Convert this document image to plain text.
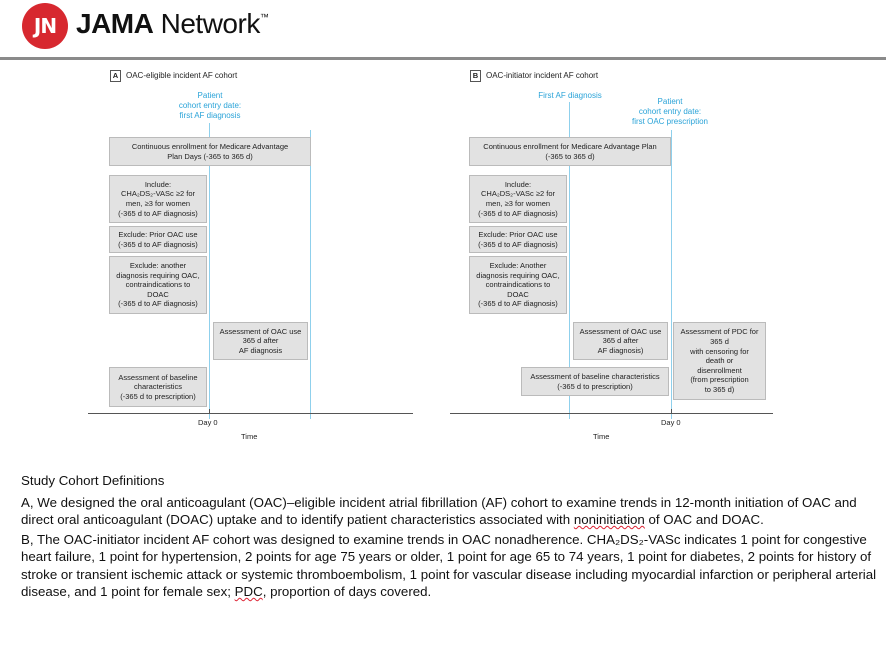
JN JAMA Network™
A OAC-eligible incident AF cohort
Patient
cohort entry date:
first AF diagnosis
Continuous enrollment for Medicare Advantage
Plan Days (-365 to 365 d)
Include:
CHA₂DS₂-VASc ≥2 for
men, ≥3 for women
(-365 d to AF diagnosis)
Exclude: Prior OAC use
(-365 d to AF diagnosis)
Exclude: another
diagnosis requiring OAC,
contraindications to
DOAC
(-365 d to AF diagnosis)
Assessment of OAC use
365 d after
AF diagnosis
Assessment of baseline
characteristics
(-365 d to prescription)
Day 0
Time
B OAC-initiator incident AF cohort
First AF diagnosis
Patient
cohort entry date:
first OAC prescription
Continuous enrollment for Medicare Advantage Plan
(-365 to 365 d)
Include:
CHA₂DS₂-VASc ≥2 for
men, ≥3 for women
(-365 d to AF diagnosis)
Exclude: Prior OAC use
(-365 d to AF diagnosis)
Exclude: Another
diagnosis requiring OAC,
contraindications to
DOAC
(-365 d to AF diagnosis)
Assessment of OAC use
365 d after
AF diagnosis)
Assessment of PDC for
365 d
with censoring for
death or
disenrollment
(from prescription
to 365 d)
Assessment of baseline characteristics
(-365 d to prescription)
Day 0
Time

Study Cohort Definitions

A, We designed the oral anticoagulant (OAC)–eligible incident atrial fibrillation (AF) cohort to examine trends in 12-month initiation of OAC and direct oral anticoagulant (DOAC) uptake and to identify patient characteristics associated with noninitiation of OAC and DOAC.

B, The OAC-initiator incident AF cohort was designed to examine trends in OAC nonadherence. CHA₂DS₂-VASc indicates 1 point for congestive heart failure, 1 point for hypertension, 2 points for age 75 years or older, 1 point for age 65 to 74 years, 1 point for diabetes, 2 points for history of stroke or transient ischemic attack or systemic thromboembolism, 1 point for vascular disease including myocardial infarction or peripheral arterial disease, and 1 point for female sex; PDC, proportion of days covered.
